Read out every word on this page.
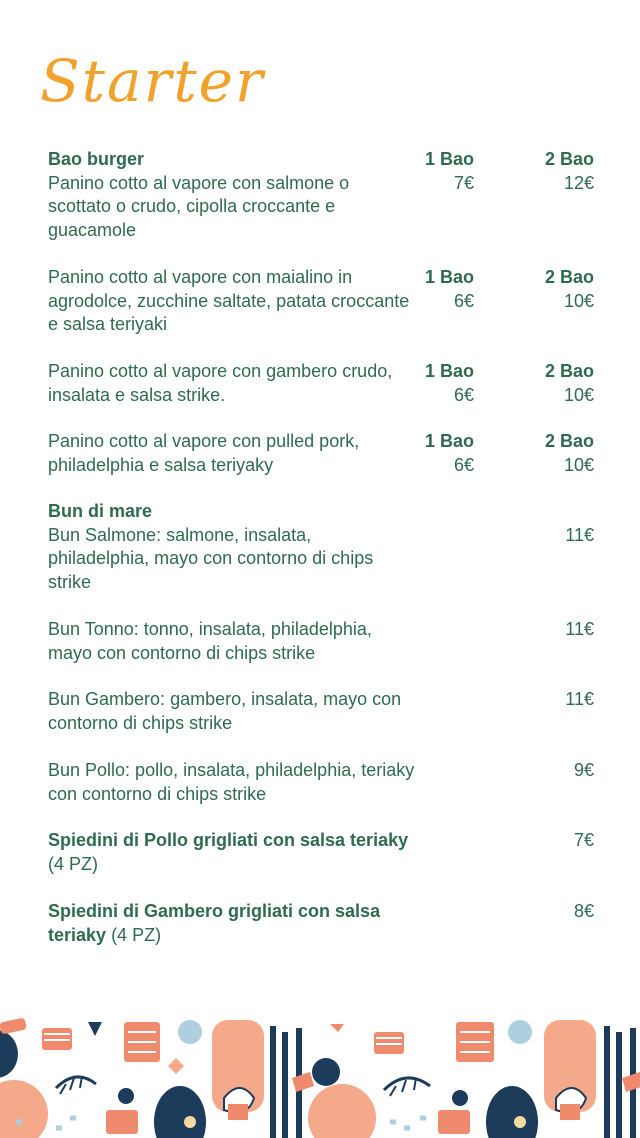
Starter
Bao burger
Panino cotto al vapore con salmone o scottato o crudo, cipolla croccante e guacamole
1 Bao
7€
2 Bao
12€
Panino cotto al vapore con maialino in agrodolce, zucchine saltate, patata croccante e salsa teriyaki
1 Bao
6€
2 Bao
10€
Panino cotto al vapore con gambero crudo, insalata e salsa strike.
1 Bao
6€
2 Bao
10€
Panino cotto al vapore con pulled pork, philadelphia e salsa teriyaky
1 Bao
6€
2 Bao
10€
Bun di mare
Bun Salmone: salmone, insalata, philadelphia, mayo con contorno di chips strike
11€
Bun Tonno: tonno, insalata, philadelphia, mayo con contorno di chips strike
11€
Bun Gambero: gambero, insalata, mayo con contorno di chips strike
11€
Bun Pollo: pollo, insalata, philadelphia, teriaky con contorno di chips strike
9€
Spiedini di Pollo grigliati con salsa teriaky
(4 PZ)
7€
Spiedini di Gambero grigliati con salsa teriaky (4 PZ)
8€
